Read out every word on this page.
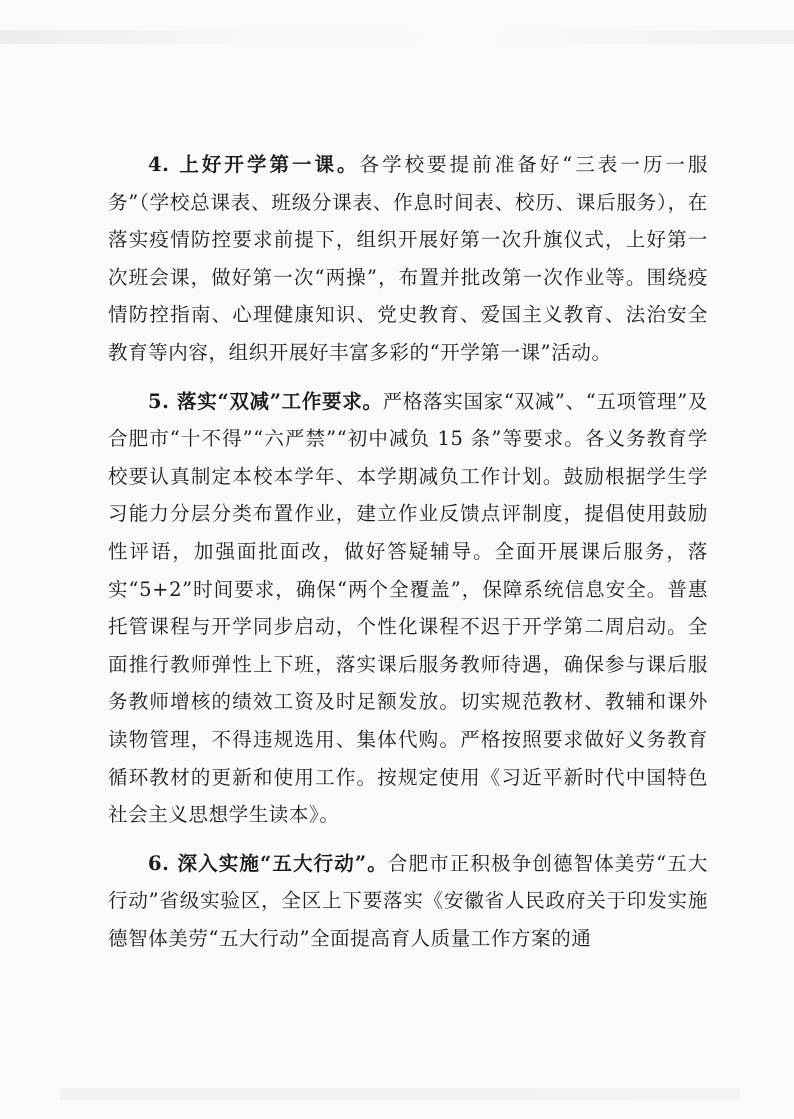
4. 上好开学第一课。各学校要提前准备好“三表一历一服务”（学校总课表、班级分课表、作息时间表、校历、课后服务），在落实疫情防控要求前提下，组织开展好第一次升旗仪式，上好第一次班会课，做好第一次“两操”，布置并批改第一次作业等。围绕疫情防控指南、心理健康知识、党史教育、爱国主义教育、法治安全教育等内容，组织开展好丰富多彩的“开学第一课”活动。

5. 落实“双减”工作要求。严格落实国家“双减”、“五项管理”及合肥市“十不得”“六严禁”“初中减负 15 条”等要求。各义务教育学校要认真制定本校本学年、本学期减负工作计划。鼓励根据学生学习能力分层分类布置作业，建立作业反馈点评制度，提倡使用鼓励性评语，加强面批面改，做好答疑辅导。全面开展课后服务，落实“5+2”时间要求，确保“两个全覆盖”，保障系统信息安全。普惠托管课程与开学同步启动，个性化课程不迟于开学第二周启动。全面推行教师弹性上下班，落实课后服务教师待遇，确保参与课后服务教师增核的绩效工资及时足额发放。切实规范教材、教辅和课外读物管理，不得违规选用、集体代购。严格按照要求做好义务教育循环教材的更新和使用工作。按规定使用《习近平新时代中国特色社会主义思想学生读本》。

6. 深入实施“五大行动”。合肥市正积极争创德智体美劳“五大行动”省级实验区，全区上下要落实《安徽省人民政府关于印发实施德智体美劳“五大行动”全面提高育人质量工作方案的通
